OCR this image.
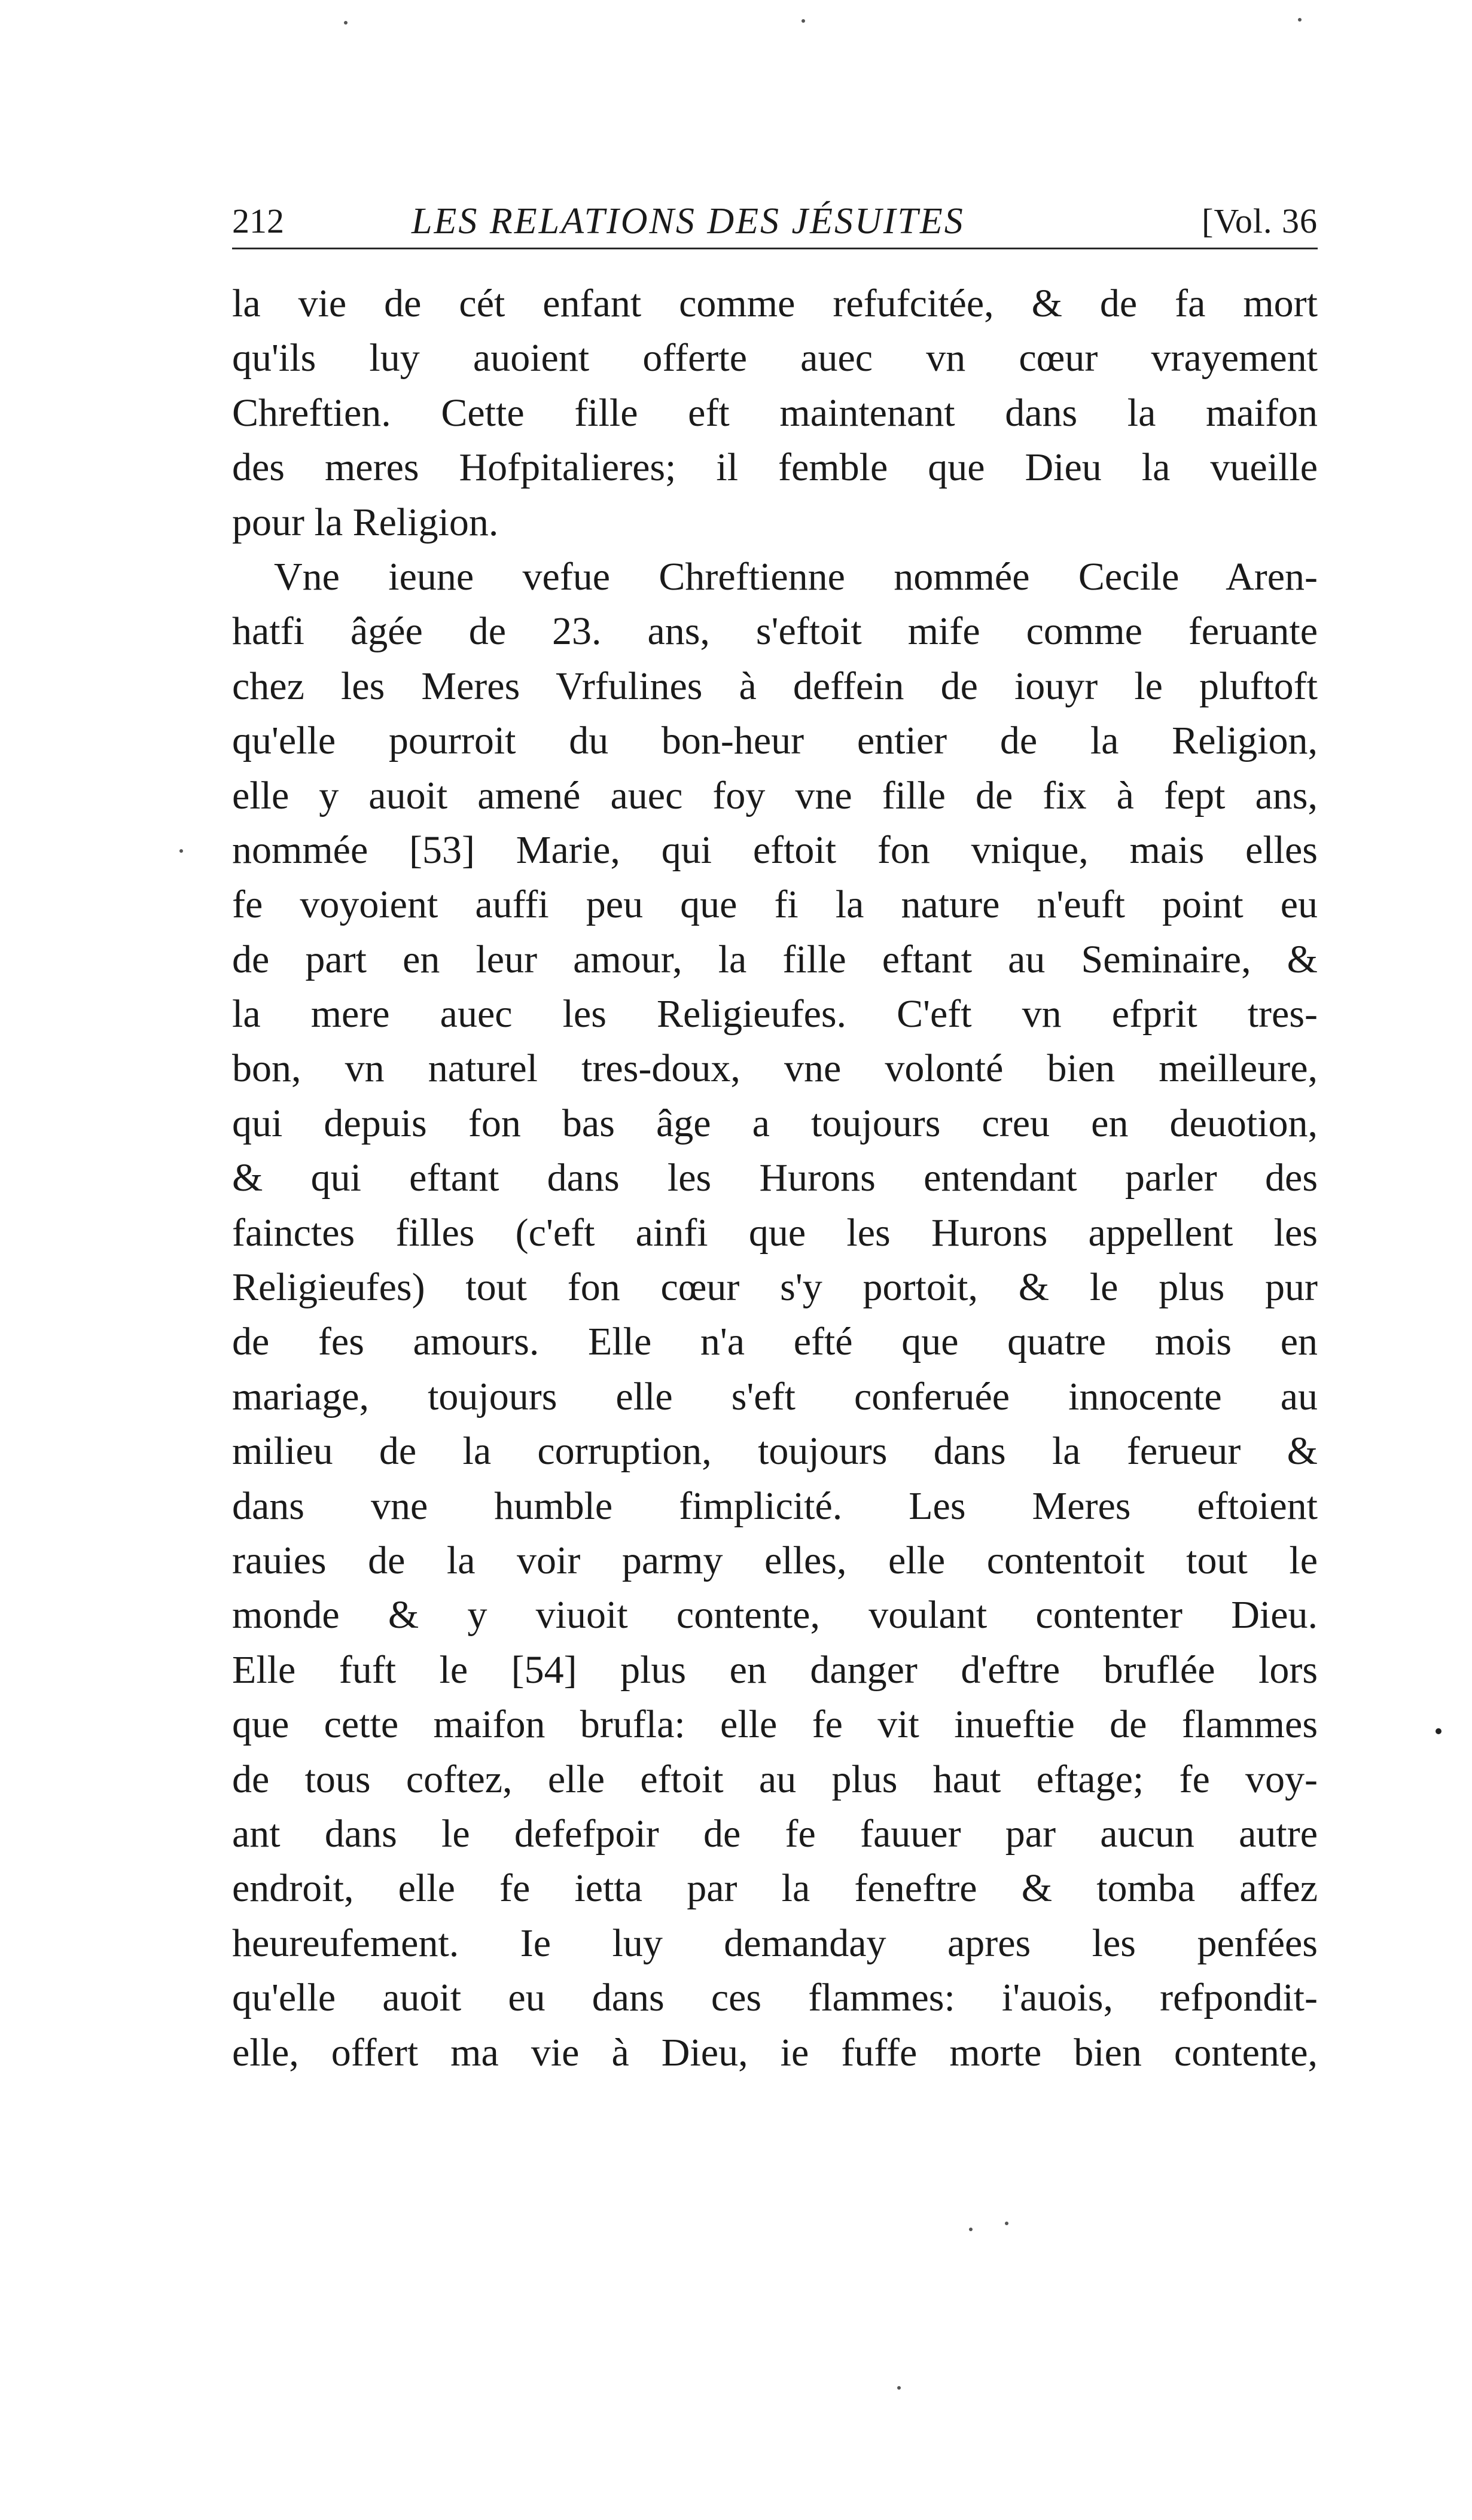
212	LES RELATIONS DES JÉSUITES	[Vol. 36
la vie de cét enfant comme refufcitée, & de fa mort
qu'ils luy auoient offerte auec vn cœur vrayement
Chreftien. Cette fille eft maintenant dans la maifon
des meres Hofpitalieres; il femble que Dieu la vueille
pour la Religion.
Vne ieune vefue Chreftienne nommée Cecile Aren-
hatfi âgée de 23. ans, s'eftoit mife comme feruante
chez les Meres Vrfulines à deffein de iouyr le pluftoft
qu'elle pourroit du bon-heur entier de la Religion,
elle y auoit amené auec foy vne fille de fix à fept ans,
nommée [53] Marie, qui eftoit fon vnique, mais elles
fe voyoient auffi peu que fi la nature n'euft point eu
de part en leur amour, la fille eftant au Seminaire, &
la mere auec les Religieufes. C'eft vn efprit tres-
bon, vn naturel tres-doux, vne volonté bien meilleure,
qui depuis fon bas âge a toujours creu en deuotion,
& qui eftant dans les Hurons entendant parler des
fainctes filles (c'eft ainfi que les Hurons appellent les
Religieufes) tout fon cœur s'y portoit, & le plus pur
de fes amours. Elle n'a efté que quatre mois en
mariage, toujours elle s'eft conferuée innocente au
milieu de la corruption, toujours dans la ferueur &
dans vne humble fimplicité. Les Meres eftoient
rauies de la voir parmy elles, elle contentoit tout le
monde & y viuoit contente, voulant contenter Dieu.
Elle fuft le [54] plus en danger d'eftre bruflée lors
que cette maifon brufla: elle fe vit inueftie de flammes
de tous coftez, elle eftoit au plus haut eftage; fe voy-
ant dans le defefpoir de fe fauuer par aucun autre
endroit, elle fe ietta par la feneftre & tomba affez
heureufement. Ie luy demanday apres les penfées
qu'elle auoit eu dans ces flammes: i'auois, refpondit-
elle, offert ma vie à Dieu, ie fuffe morte bien contente,
